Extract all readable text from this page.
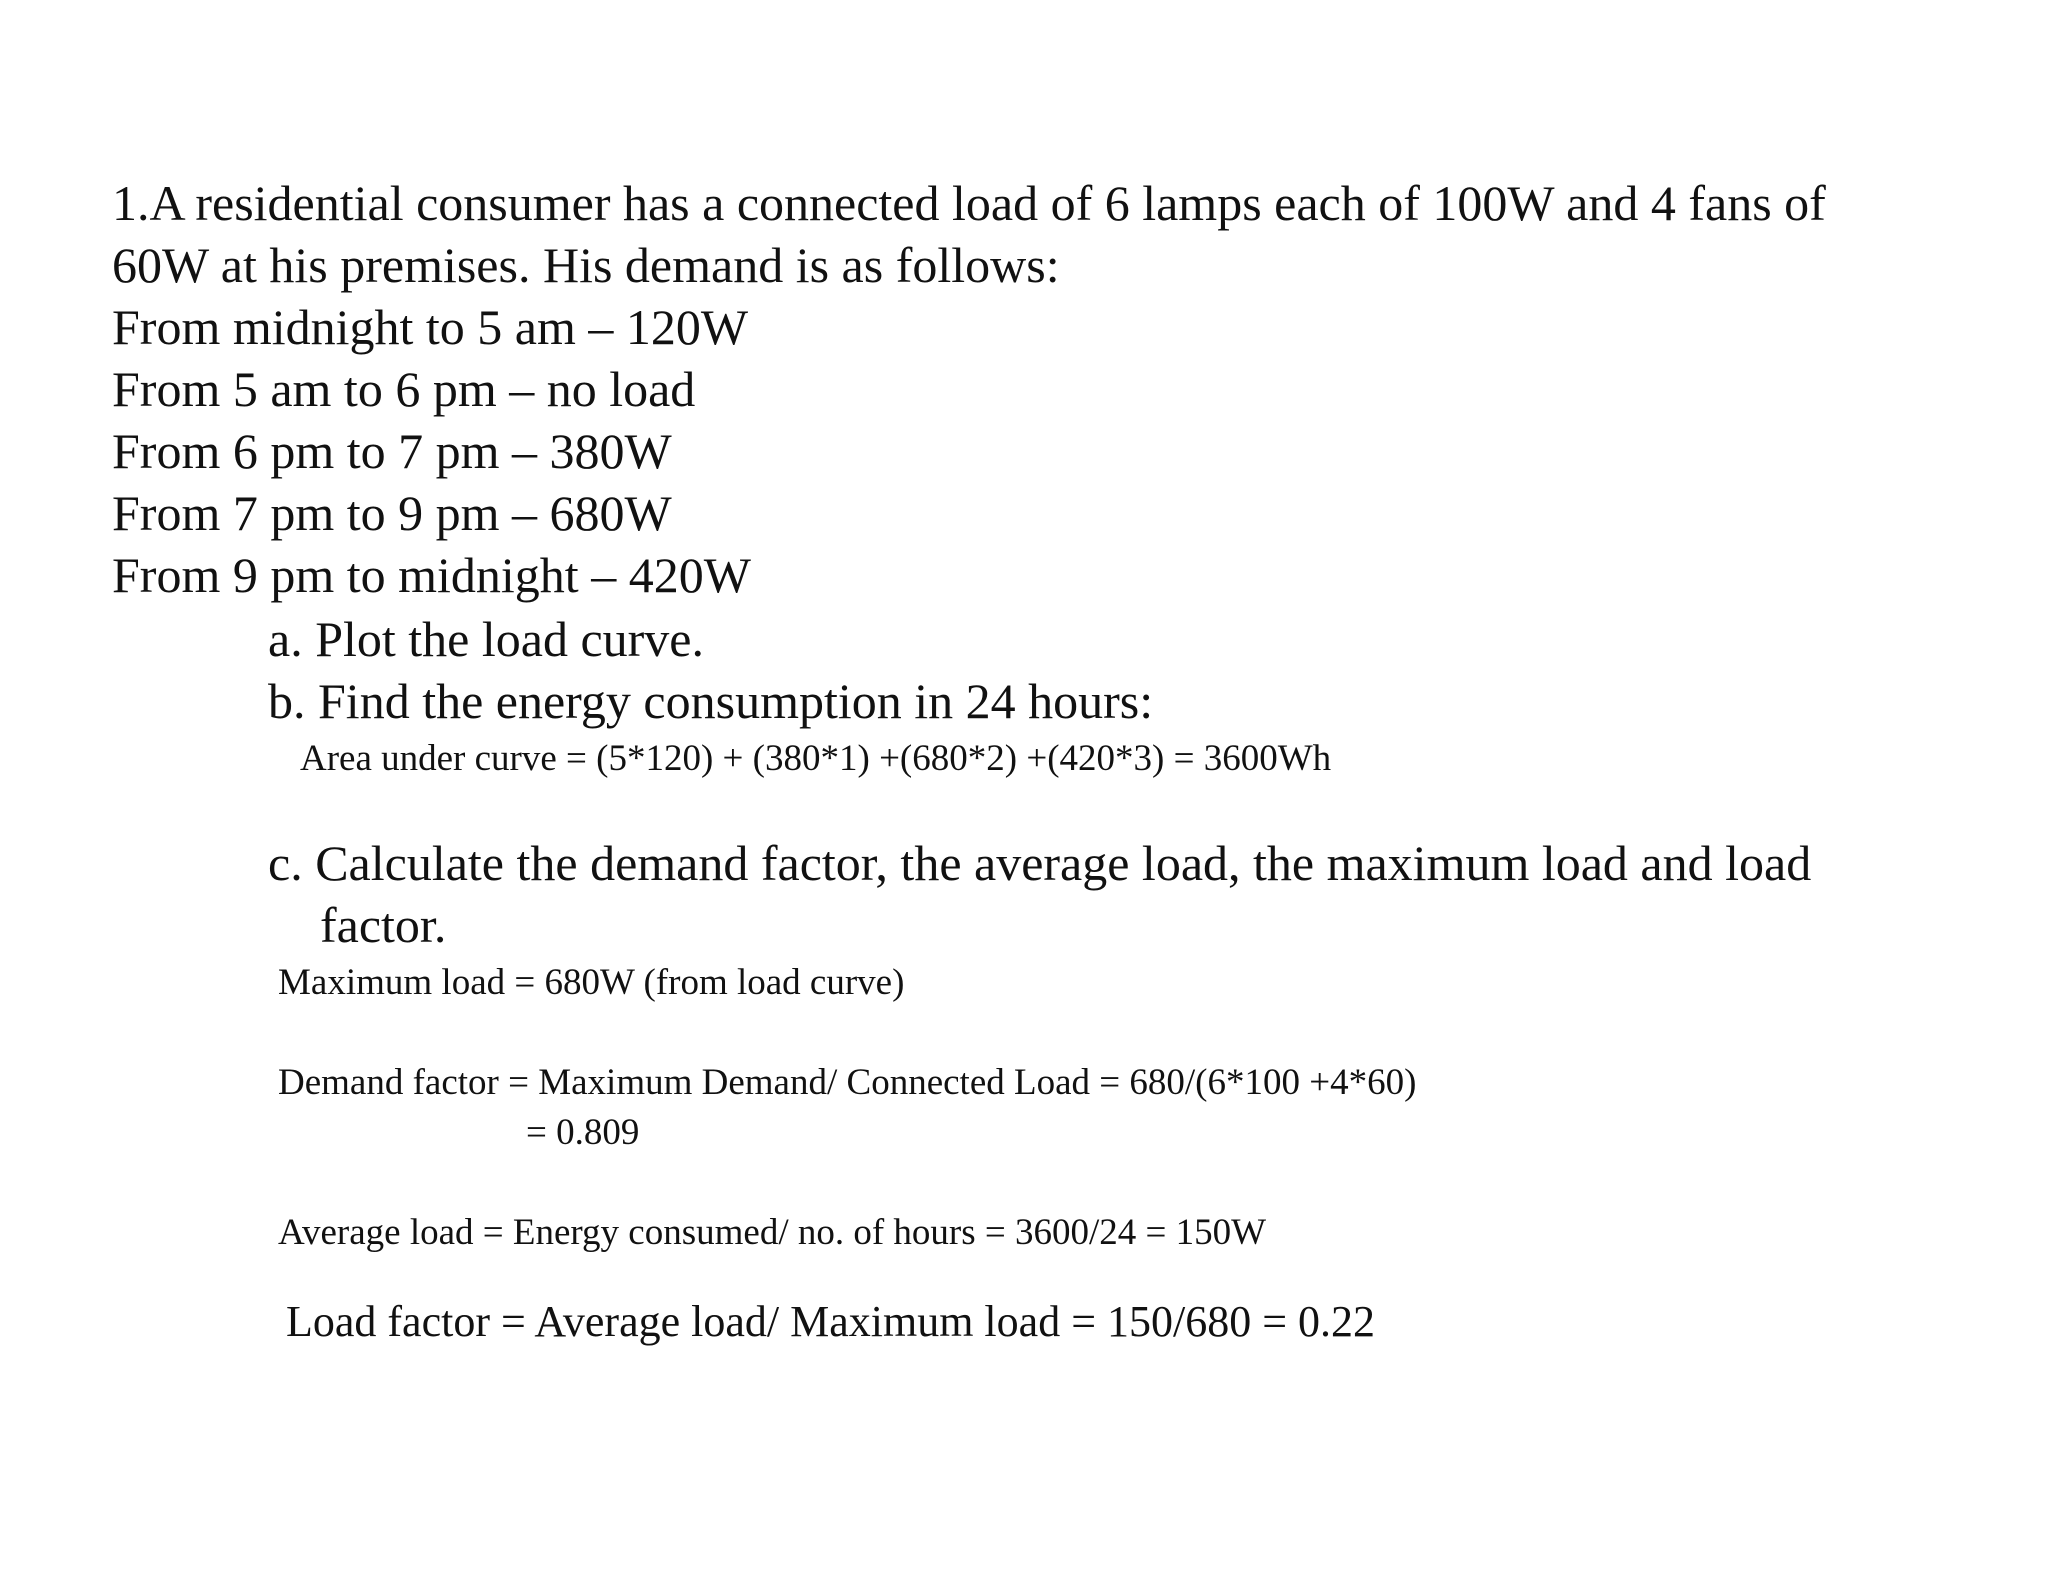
1.A residential consumer has a connected load of 6 lamps each of 100W and 4 fans of
60W at his premises. His demand is as follows:
From midnight to 5 am – 120W
From 5 am to 6 pm – no load
From 6 pm to 7 pm – 380W
From 7 pm to 9 pm – 680W
From 9 pm to midnight – 420W
a. Plot the load curve.
b. Find the energy consumption in 24 hours:
Area under curve = (5*120) + (380*1) +(680*2) +(420*3) = 3600Wh
c. Calculate the demand factor, the average load, the maximum load and load
factor.
Maximum load = 680W (from load curve)
Demand factor = Maximum Demand/ Connected Load = 680/(6*100 +4*60)
= 0.809
Average load = Energy consumed/ no. of hours = 3600/24 = 150W
Load factor = Average load/ Maximum load = 150/680 = 0.22
